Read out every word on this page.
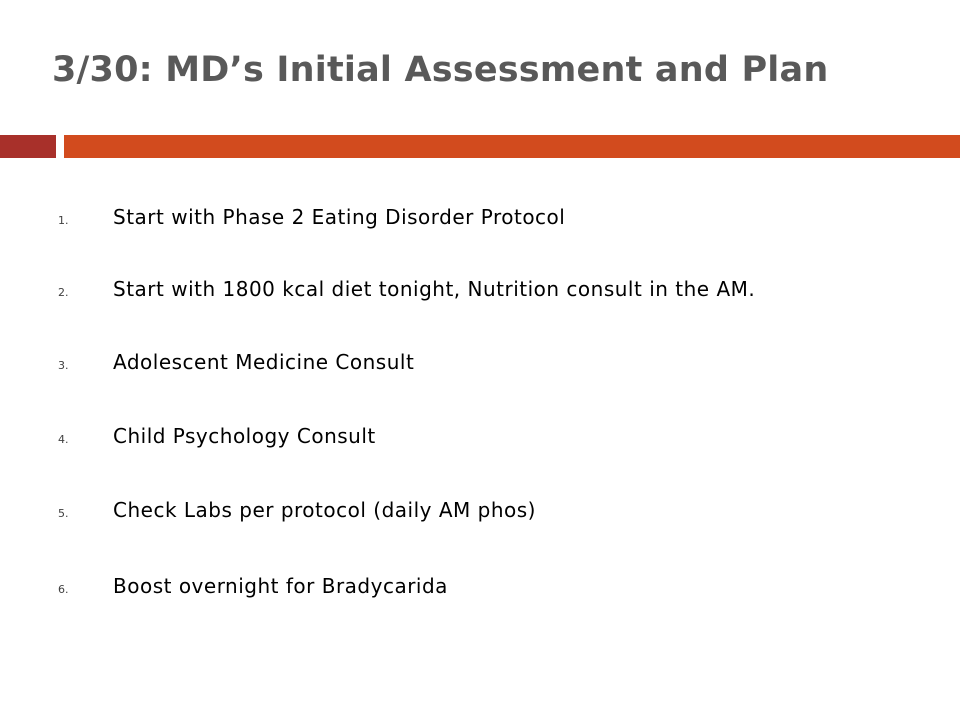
3/30: MD’s Initial Assessment and Plan
1. Start with Phase 2 Eating Disorder Protocol
2. Start with 1800 kcal diet tonight, Nutrition consult in the AM.
3. Adolescent Medicine Consult
4. Child Psychology Consult
5. Check Labs per protocol (daily AM phos)
6. Boost overnight for Bradycarida
